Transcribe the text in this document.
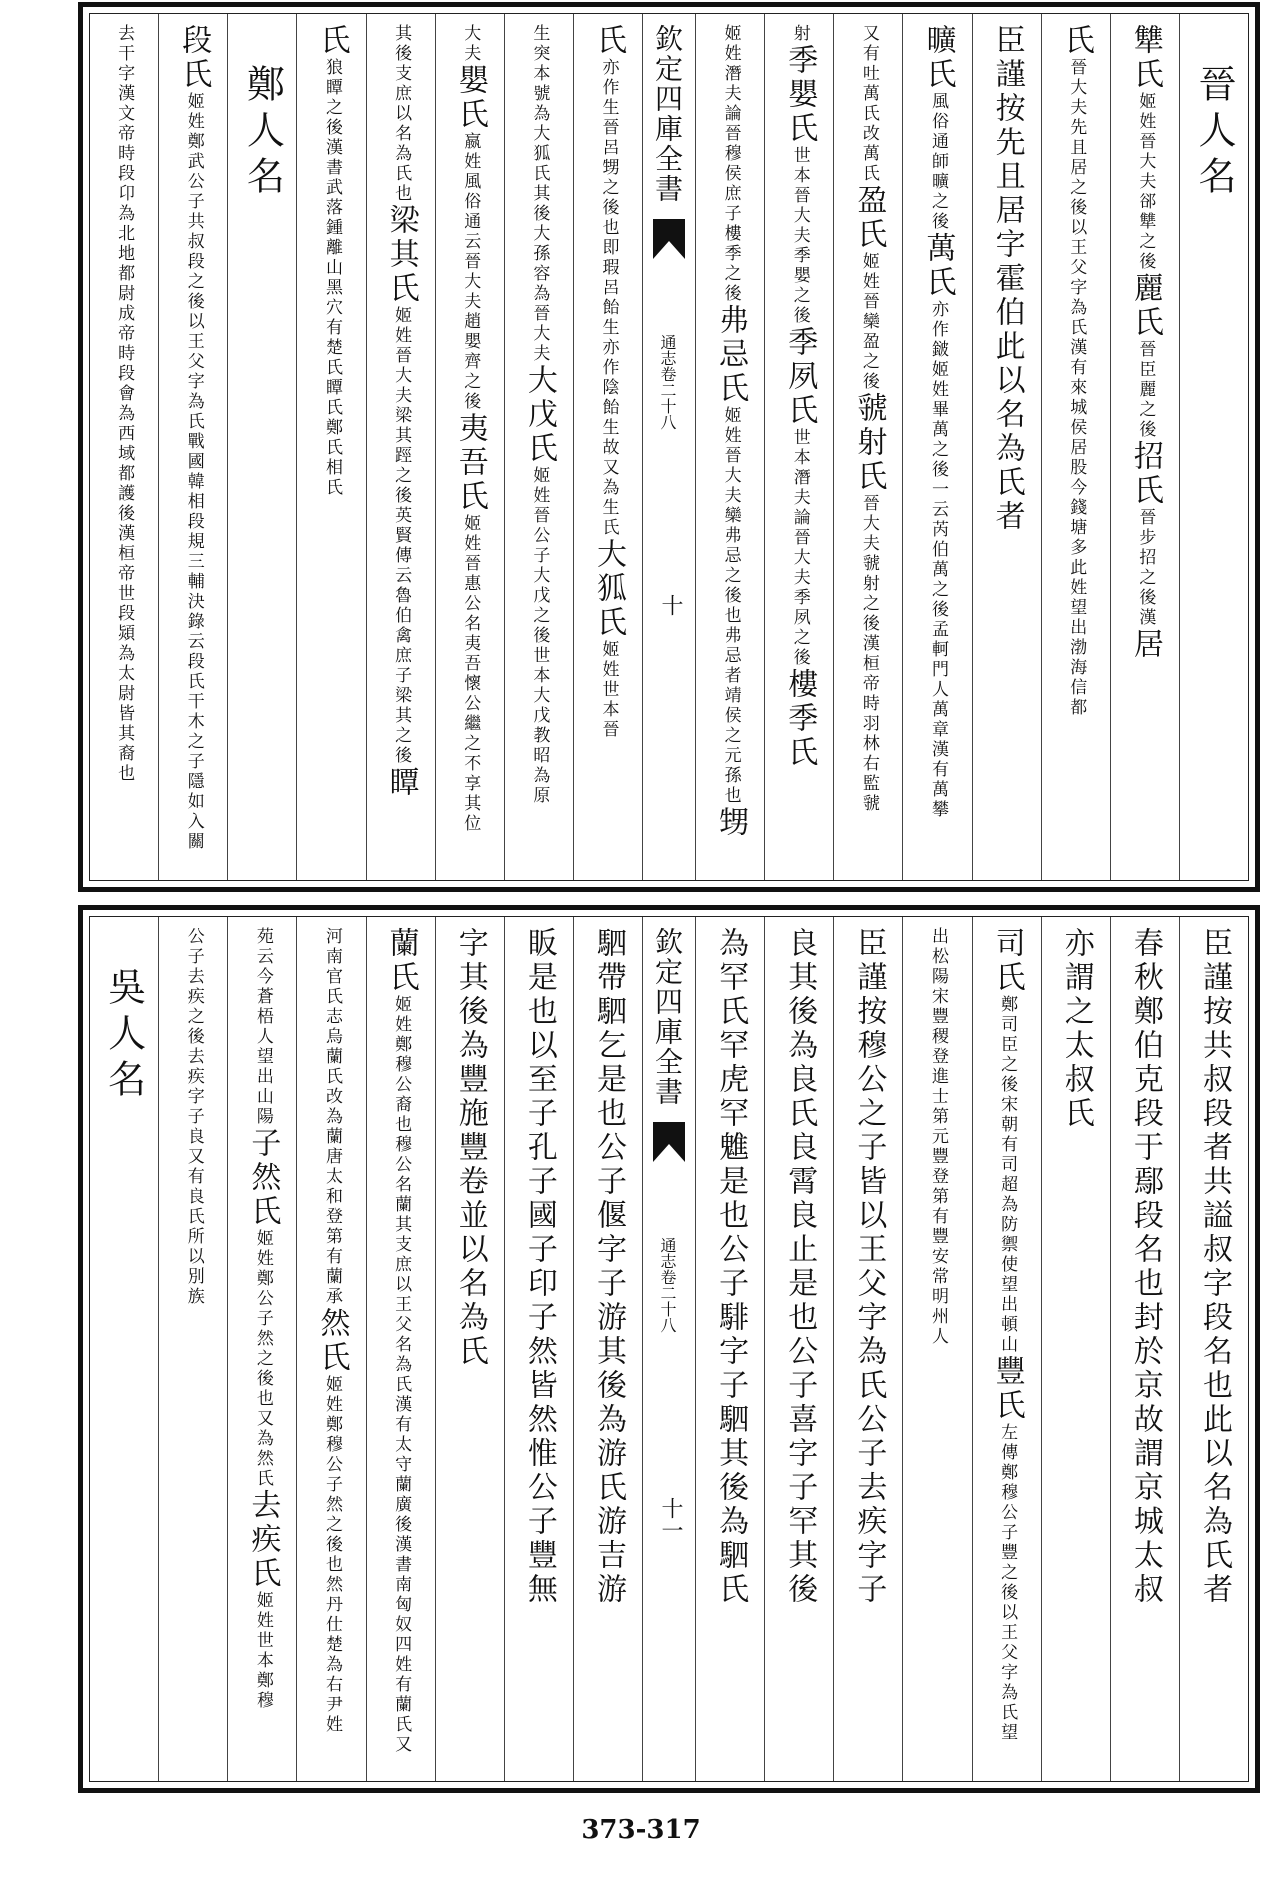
晉人名
犨氏
姬姓晉大夫郤犨之後
麗氏
晉臣麗之後
招氏
晉步招之後漢
居
氏
晉大夫先且居之後以王父字為氏漢有來城侯居股今錢塘多此姓望出渤海信都
臣謹按先且居字霍伯此以名為氏者
曠氏
風俗通師曠之後
萬氏
亦作𨨏姬姓畢萬之後一云芮伯萬之後孟軻門人萬章漢有萬攀
又有吐萬氏改萬氏
盈氏
姬姓晉欒盈之後
虢射氏
晉大夫虢射之後漢桓帝時羽林右監虢
射
季嬰氏
世本晉大夫季嬰之後
季夙氏
世本潛夫論晉大夫季夙之後
樓季氏
姬姓潛夫論晉穆侯庶子樓季之後
弗忌氏
姬姓晉大夫欒弗忌之後也弗忌者靖侯之元孫也
甥
欽定四庫全書
通志卷二十八
十
氏
亦作生晉呂甥之後也即瑕呂飴生亦作陰飴生故又為生氏
大狐氏
姬姓世本晉
生突本號為大狐氏其後大孫容為晉大夫
大戊氏
姬姓晉公子大戊之後世本大戊教昭為原
大夫
嬰氏
嬴姓風俗通云晉大夫趙嬰齊之後
夷吾氏
姬姓晉惠公名夷吾懷公繼之不享其位
其後支庶以名為氏也
梁其氏
姬姓晉大夫梁其踁之後英賢傳云魯伯禽庶子梁其之後
瞫
氏
狼瞫之後漢書武落鍾離山黑穴有楚氏瞫氏鄭氏相氏
鄭人名
段氏
姬姓鄭武公子共叔段之後以王父字為氏戰國韓相段規三輔決錄云段氏干木之子隱如入關
去干字漢文帝時段卬為北地都尉成帝時段會為西域都護後漢桓帝世段熲為太尉皆其裔也
臣謹按共叔段者共謚叔字段名也此以名為氏者
春秋鄭伯克段于鄢段名也封於京故謂京城太叔
亦謂之太叔氏
司氏
鄭司臣之後宋朝有司超為防禦使望出頓山
豐氏
左傳鄭穆公子豐之後以王父字為氏望
出松陽宋豐稷登進士第元豐登第有豐安常明州人
臣謹按穆公之子皆以王父字為氏公子去疾字子
良其後為良氏良霄良止是也公子喜字子罕其後
為罕氏罕虎罕魋是也公子騑字子駟其後為駟氏
欽定四庫全書
通志卷二十八
十一
駟帶駟乞是也公子偃字子游其後為游氏游吉游
眅是也以至子孔子國子印子然皆然惟公子豐無
字其後為豐施豐卷並以名為氏
蘭氏
姬姓鄭穆公裔也穆公名蘭其支庶以王父名為氏漢有太守蘭廣後漢書南匈奴四姓有蘭氏又
河南官氏志烏蘭氏改為蘭唐太和登第有蘭承
然氏
姬姓鄭穆公子然之後也然丹仕楚為右尹姓
苑云今蒼梧人望出山陽
子然氏
姬姓鄭公子然之後也又為然氏
去疾氏
姬姓世本鄭穆
公子去疾之後去疾字子良又有良氏所以別族
吳人名
373-317
